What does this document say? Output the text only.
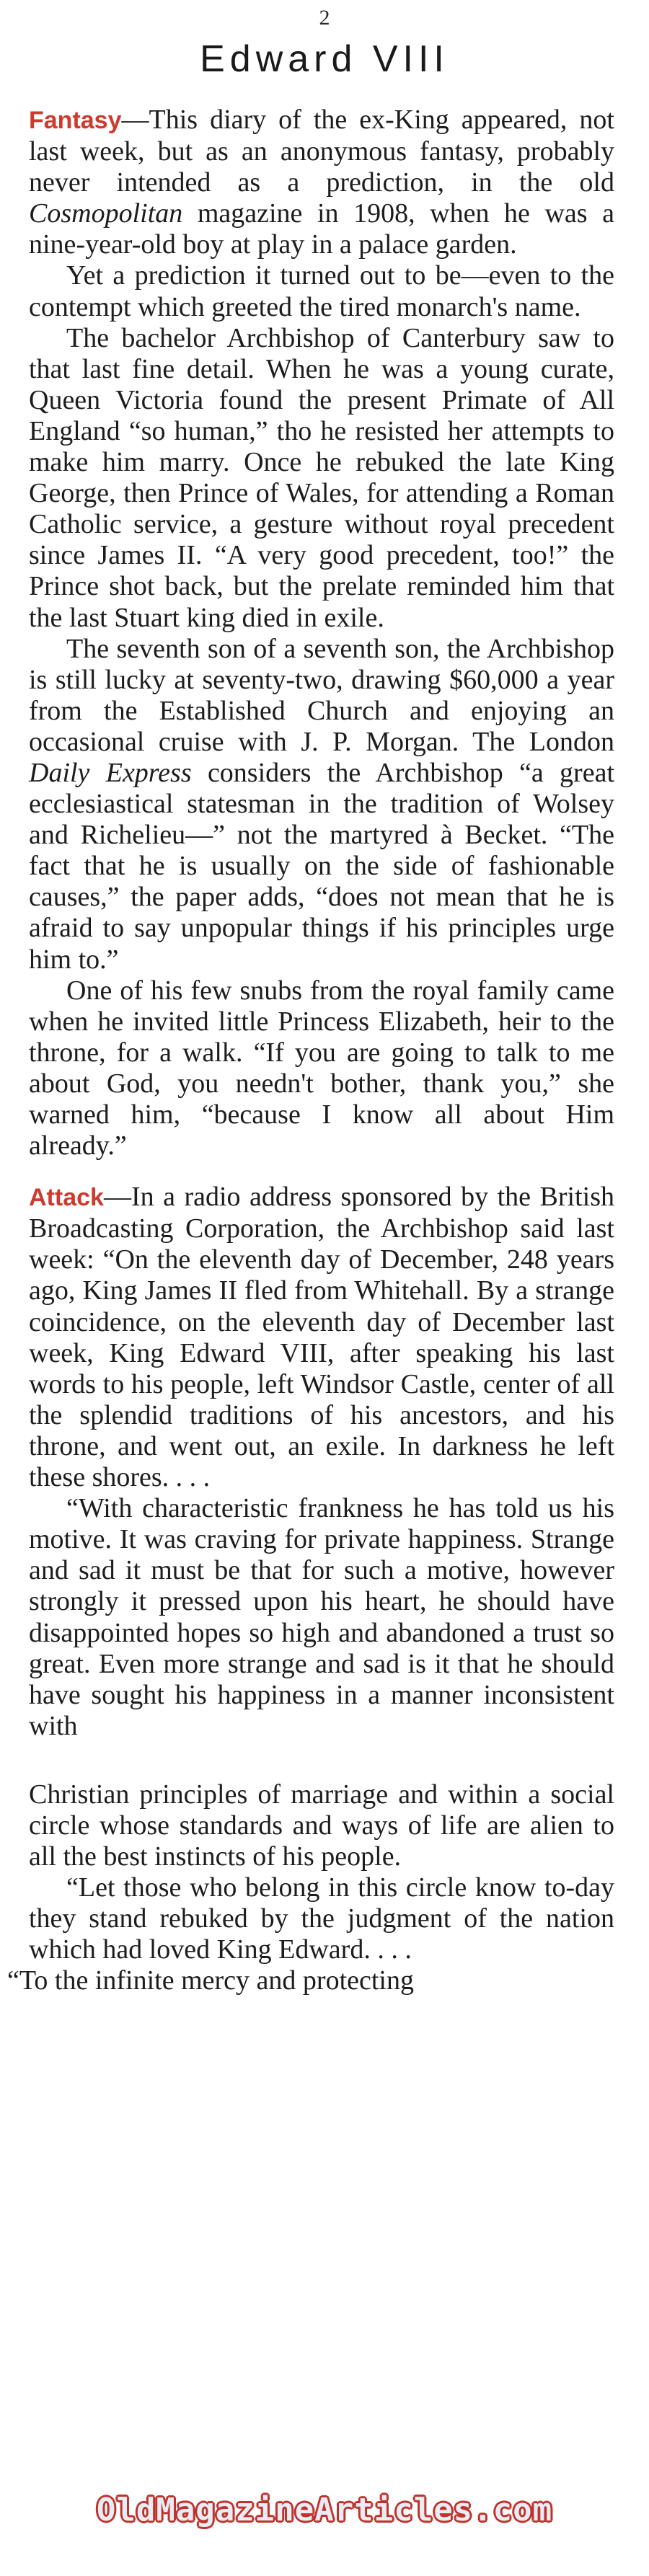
2
Edward VIII

Fantasy—This diary of the ex-King appeared, not last week, but as an anonymous fantasy, probably never intended as a prediction, in the old Cosmopolitan magazine in 1908, when he was a nine-year-old boy at play in a palace garden.

Yet a prediction it turned out to be—even to the contempt which greeted the tired monarch's name.

The bachelor Archbishop of Canterbury saw to that last fine detail. When he was a young curate, Queen Victoria found the present Primate of All England “so human,” tho he resisted her attempts to make him marry. Once he rebuked the late King George, then Prince of Wales, for attending a Roman Catholic service, a gesture without royal precedent since James II. “A very good precedent, too!” the Prince shot back, but the prelate reminded him that the last Stuart king died in exile.

The seventh son of a seventh son, the Archbishop is still lucky at seventy-two, drawing $60,000 a year from the Established Church and enjoying an occasional cruise with J. P. Morgan. The London Daily Express considers the Archbishop “a great ecclesiastical statesman in the tradition of Wolsey and Richelieu—” not the martyred à Becket. “The fact that he is usually on the side of fashionable causes,” the paper adds, “does not mean that he is afraid to say unpopular things if his principles urge him to.”

One of his few snubs from the royal family came when he invited little Princess Elizabeth, heir to the throne, for a walk. “If you are going to talk to me about God, you needn't bother, thank you,” she warned him, “because I know all about Him already.”

Attack—In a radio address sponsored by the British Broadcasting Corporation, the Archbishop said last week: “On the eleventh day of December, 248 years ago, King James II fled from Whitehall. By a strange coincidence, on the eleventh day of December last week, King Edward VIII, after speaking his last words to his people, left Windsor Castle, center of all the splendid traditions of his ancestors, and his throne, and went out, an exile. In darkness he left these shores. . . .

“With characteristic frankness he has told us his motive. It was craving for private happiness. Strange and sad it must be that for such a motive, however strongly it pressed upon his heart, he should have disappointed hopes so high and abandoned a trust so great. Even more strange and sad is it that he should have sought his happiness in a manner inconsistent with

Christian principles of marriage and within a social circle whose standards and ways of life are alien to all the best instincts of his people.

“Let those who belong in this circle know to-day they stand rebuked by the judgment of the nation which had loved King Edward. . . .

“To the infinite mercy and protecting

OldMagazineArticles.com
